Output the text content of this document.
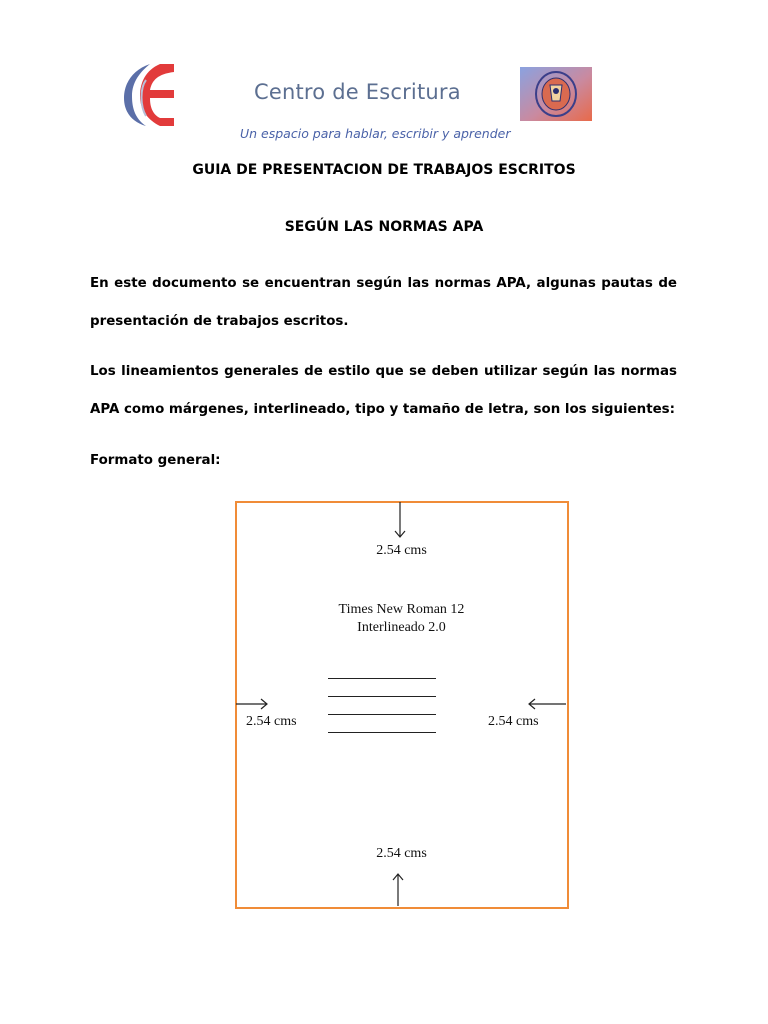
Centro de Escritura
Un espacio para hablar, escribir y aprender
GUIA DE PRESENTACION DE TRABAJOS ESCRITOS
SEGÚN LAS NORMAS APA
En este documento se encuentran según las normas APA, algunas pautas de presentación de trabajos escritos.
Los lineamientos generales de estilo que se deben utilizar según las normas APA como márgenes, interlineado, tipo y tamaño de letra, son los siguientes:
Formato general:
2.54 cms
Times New Roman 12
Interlineado 2.0
2.54 cms	2.54 cms
2.54 cms
